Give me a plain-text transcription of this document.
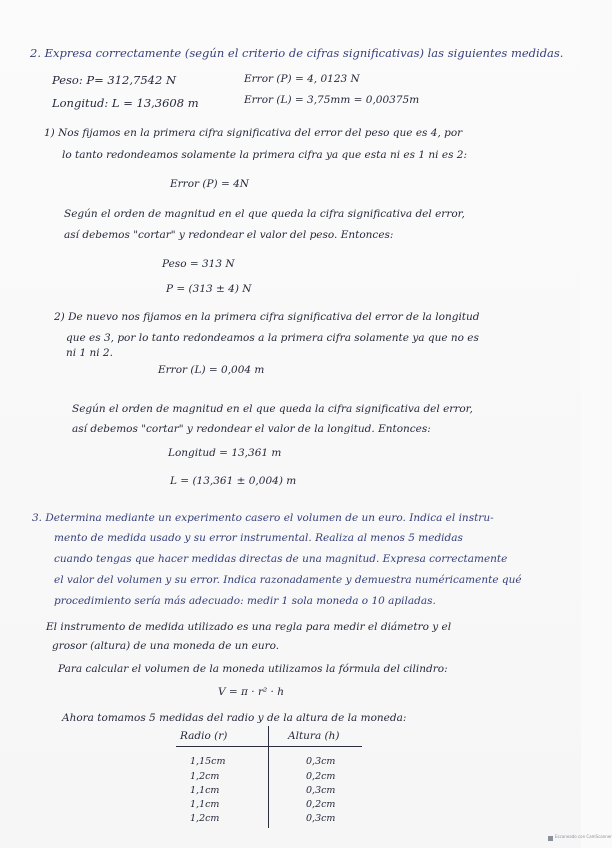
2. Expresa correctamente (según el criterio de cifras significativas) las siguientes medidas.
Peso: P= 312,7542 N	Error (P) = 4, 0123 N
Longitud: L = 13,3608 m	Error (L) = 3,75mm = 0,00375m
1) Nos fijamos en la primera cifra significativa del error del peso que es 4, por
lo tanto redondeamos solamente la primera cifra ya que esta ni es 1 ni es 2:
Error (P) = 4N
Según el orden de magnitud en el que queda la cifra significativa del error,
así debemos "cortar" y redondear el valor del peso. Entonces:
Peso = 313 N
P = (313 ± 4) N
2) De nuevo nos fijamos en la primera cifra significativa del error de la longitud
que es 3, por lo tanto redondeamos a la primera cifra solamente ya que no es
ni 1 ni 2.
Error (L) = 0,004 m
Según el orden de magnitud en el que queda la cifra significativa del error,
así debemos "cortar" y redondear el valor de la longitud. Entonces:
Longitud = 13,361 m
L = (13,361 ± 0,004) m
3. Determina mediante un experimento casero el volumen de un euro. Indica el instru-
mento de medida usado y su error instrumental. Realiza al menos 5 medidas
cuando tengas que hacer medidas directas de una magnitud. Expresa correctamente
el valor del volumen y su error. Indica razonadamente y demuestra numéricamente qué
procedimiento sería más adecuado: medir 1 sola moneda o 10 apiladas.
El instrumento de medida utilizado es una regla para medir el diámetro y el
grosor (altura) de una moneda de un euro.
Para calcular el volumen de la moneda utilizamos la fórmula del cilindro:
V = π · r² · h
Ahora tomamos 5 medidas del radio y de la altura de la moneda:
Radio (r)	Altura (h)
1,15cm	0,3cm
1,2cm	0,2cm
1,1cm	0,3cm
1,1cm	0,2cm
1,2cm	0,3cm
Escaneado con CamScanner
